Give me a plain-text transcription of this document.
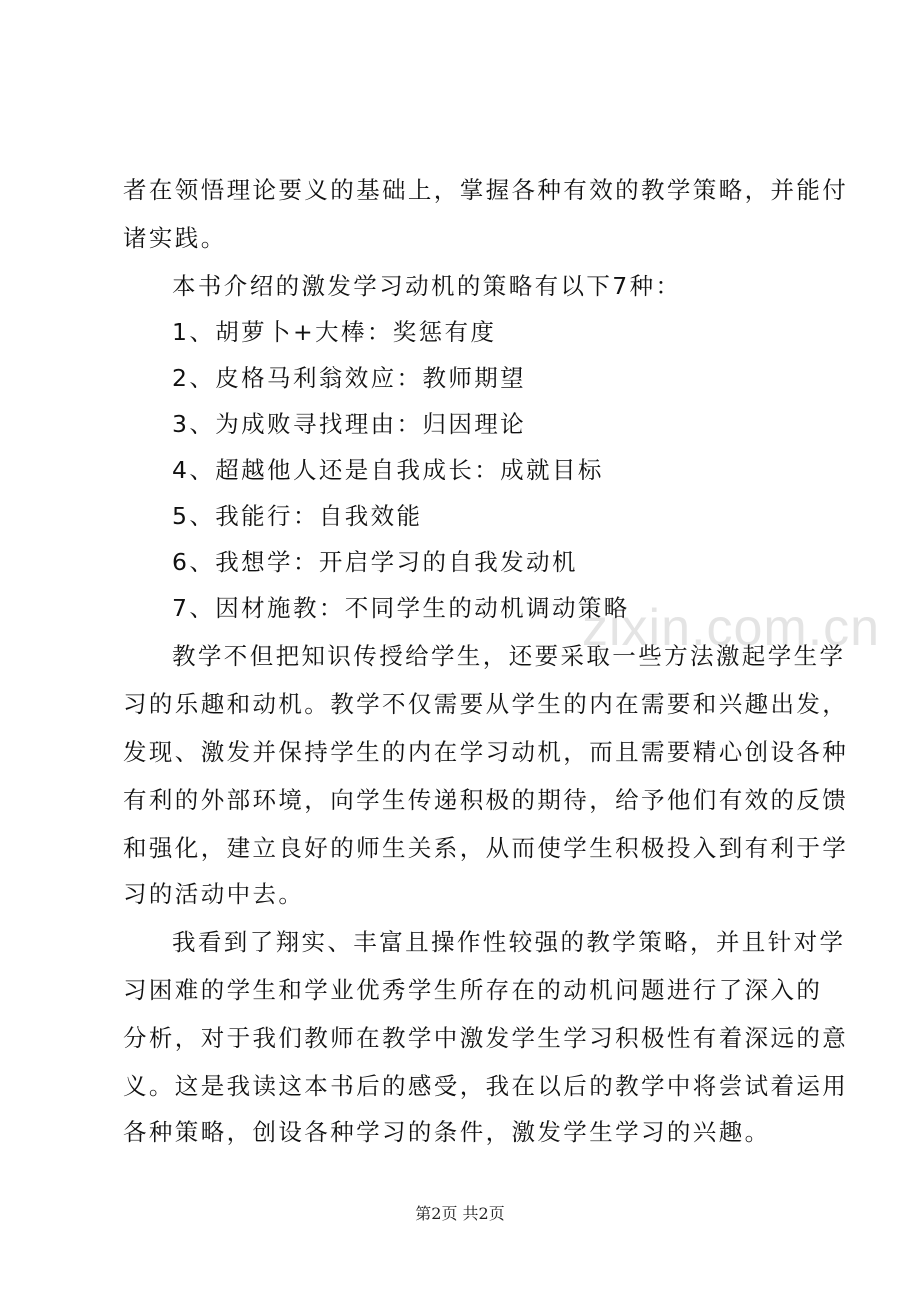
zixin.com.cn
者在领悟理论要义的基础上，掌握各种有效的教学策略，并能付
诸实践。
本书介绍的激发学习动机的策略有以下7种：
1、胡萝卜+大棒：奖惩有度
2、皮格马利翁效应：教师期望
3、为成败寻找理由：归因理论
4、超越他人还是自我成长：成就目标
5、我能行：自我效能
6、我想学：开启学习的自我发动机
7、因材施教：不同学生的动机调动策略
教学不但把知识传授给学生，还要采取一些方法激起学生学
习的乐趣和动机。教学不仅需要从学生的内在需要和兴趣出发，
发现、激发并保持学生的内在学习动机，而且需要精心创设各种
有利的外部环境，向学生传递积极的期待，给予他们有效的反馈
和强化，建立良好的师生关系，从而使学生积极投入到有利于学
习的活动中去。
我看到了翔实、丰富且操作性较强的教学策略，并且针对学
习困难的学生和学业优秀学生所存在的动机问题进行了深入的
分析，对于我们教师在教学中激发学生学习积极性有着深远的意
义。这是我读这本书后的感受，我在以后的教学中将尝试着运用
各种策略，创设各种学习的条件，激发学生学习的兴趣。
第2页 共2页
